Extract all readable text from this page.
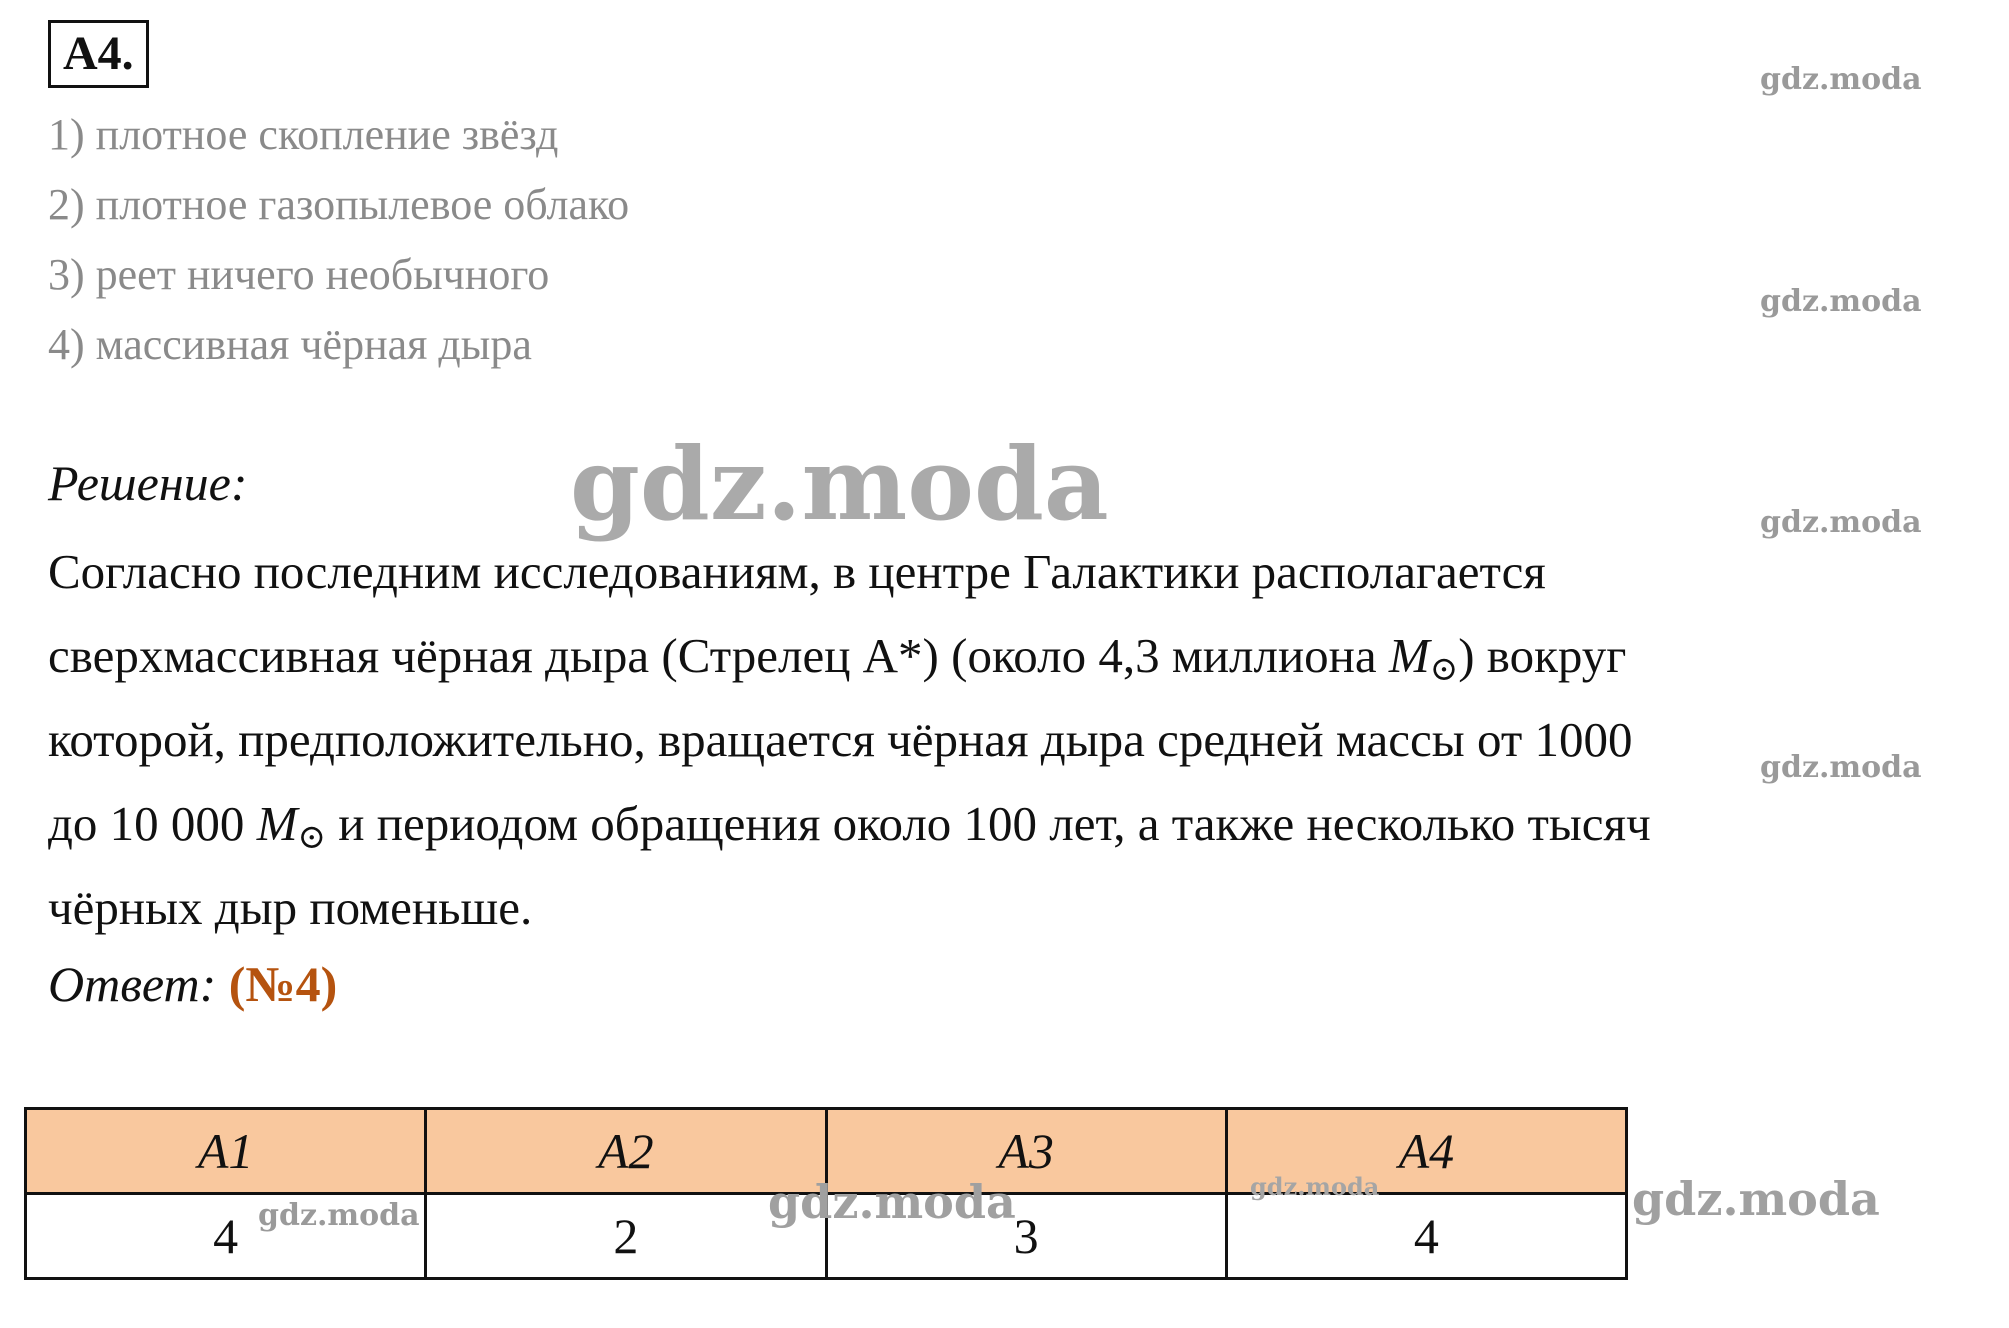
А4.
1) плотное скопление звёзд
2) плотное газопылевое облако
3) реет ничего необычного
4) массивная чёрная дыра
Решение:
Согласно последним исследованиям, в центре Галактики располагается
сверхмассивная чёрная дыра (Стрелец А*) (около 4,3 миллиона $M_⊙$) вокруг
которой, предположительно, вращается чёрная дыра средней массы от 1000
до 10 000 $M_⊙$ и периодом обращения около 100 лет, а также несколько тысяч
чёрных дыр поменьше.
Ответ: (№4)
А1	А2	А3	А4
4	2	3	4
gdz.moda
gdz.moda
gdz.moda
gdz.moda
gdz.moda
gdz.moda	gdz.moda	gdz.moda	gdz.moda
